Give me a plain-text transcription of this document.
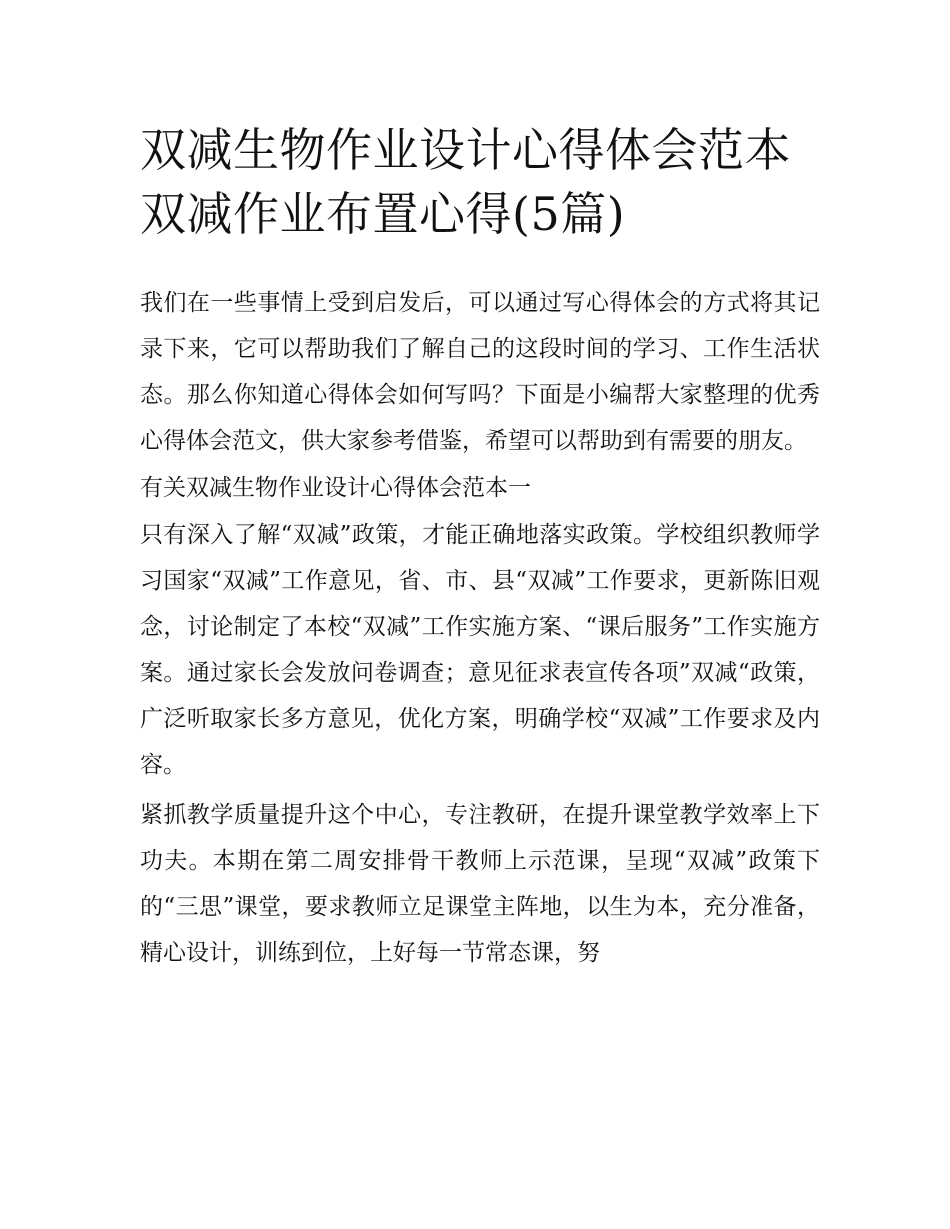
双减生物作业设计心得体会范本 双减作业布置心得(5篇)

我们在一些事情上受到启发后，可以通过写心得体会的方式将其记录下来，它可以帮助我们了解自己的这段时间的学习、工作生活状态。那么你知道心得体会如何写吗？下面是小编帮大家整理的优秀心得体会范文，供大家参考借鉴，希望可以帮助到有需要的朋友。

有关双减生物作业设计心得体会范本一

只有深入了解“双减”政策，才能正确地落实政策。学校组织教师学习国家“双减”工作意见，省、市、县“双减”工作要求，更新陈旧观念，讨论制定了本校“双减”工作实施方案、“课后服务”工作实施方案。通过家长会发放问卷调查；意见征求表宣传各项”双减“政策，广泛听取家长多方意见，优化方案，明确学校“双减”工作要求及内容。

紧抓教学质量提升这个中心，专注教研，在提升课堂教学效率上下功夫。本期在第二周安排骨干教师上示范课，呈现“双减”政策下的“三思”课堂，要求教师立足课堂主阵地，以生为本，充分准备，精心设计，训练到位，上好每一节常态课，努
